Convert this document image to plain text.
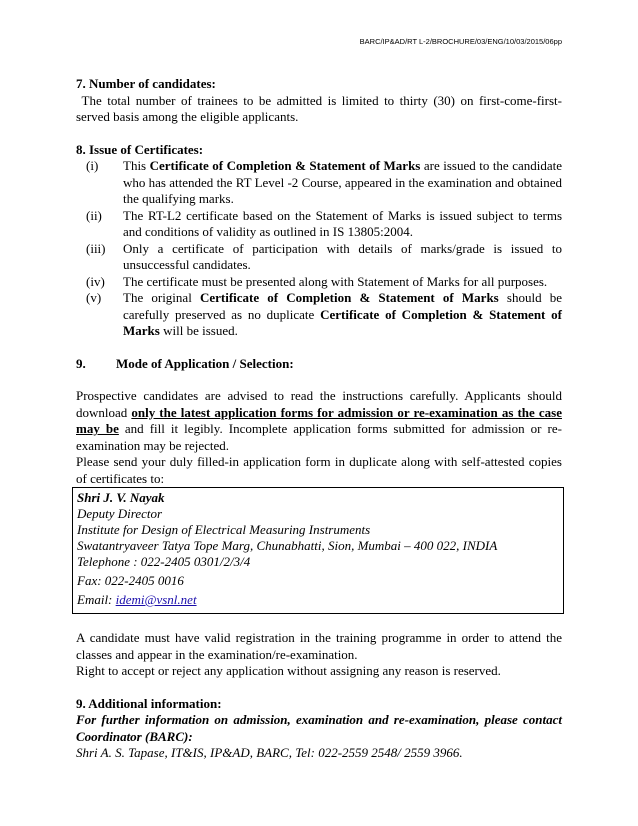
BARC/IP&AD/RT L-2/BROCHURE/03/ENG/10/03/2015/06pp
7. Number of candidates:

The total number of trainees to be admitted is limited to thirty (30) on first-come-first-served basis among the eligible applicants.

8. Issue of Certificates:
(i)	This Certificate of Completion & Statement of Marks are issued to the candidate who has attended the RT Level -2 Course, appeared in the examination and obtained the qualifying marks.
(ii)	The RT-L2 certificate based on the Statement of Marks is issued subject to terms and conditions of validity as outlined in IS 13805:2004.
(iii)	Only a certificate of participation with details of marks/grade is issued to unsuccessful candidates.
(iv)	The certificate must be presented along with Statement of Marks for all purposes.
(v)	The original Certificate of Completion & Statement of Marks should be carefully preserved as no duplicate Certificate of Completion & Statement of Marks will be issued.
9.	Mode of Application / Selection:

Prospective candidates are advised to read the instructions carefully. Applicants should download only the latest application forms for admission or re-examination as the case may be and fill it legibly. Incomplete application forms submitted for admission or re-examination may be rejected.

Please send your duly filled-in application form in duplicate along with self-attested copies of certificates to:

Shri J. V. Nayak
Deputy Director
Institute for Design of Electrical Measuring Instruments
Swatantryaveer Tatya Tope Marg, Chunabhatti, Sion, Mumbai – 400 022, INDIA
Telephone : 022-2405 0301/2/3/4
Fax: 022-2405 0016
Email: idemi@vsnl.net

A candidate must have valid registration in the training programme in order to attend the classes and appear in the examination/re-examination.

Right to accept or reject any application without assigning any reason is reserved.

9. Additional information:

For further information on admission, examination and re-examination, please contact Coordinator (BARC):

Shri A. S. Tapase, IT&IS, IP&AD, BARC, Tel: 022-2559 2548/ 2559 3966.
